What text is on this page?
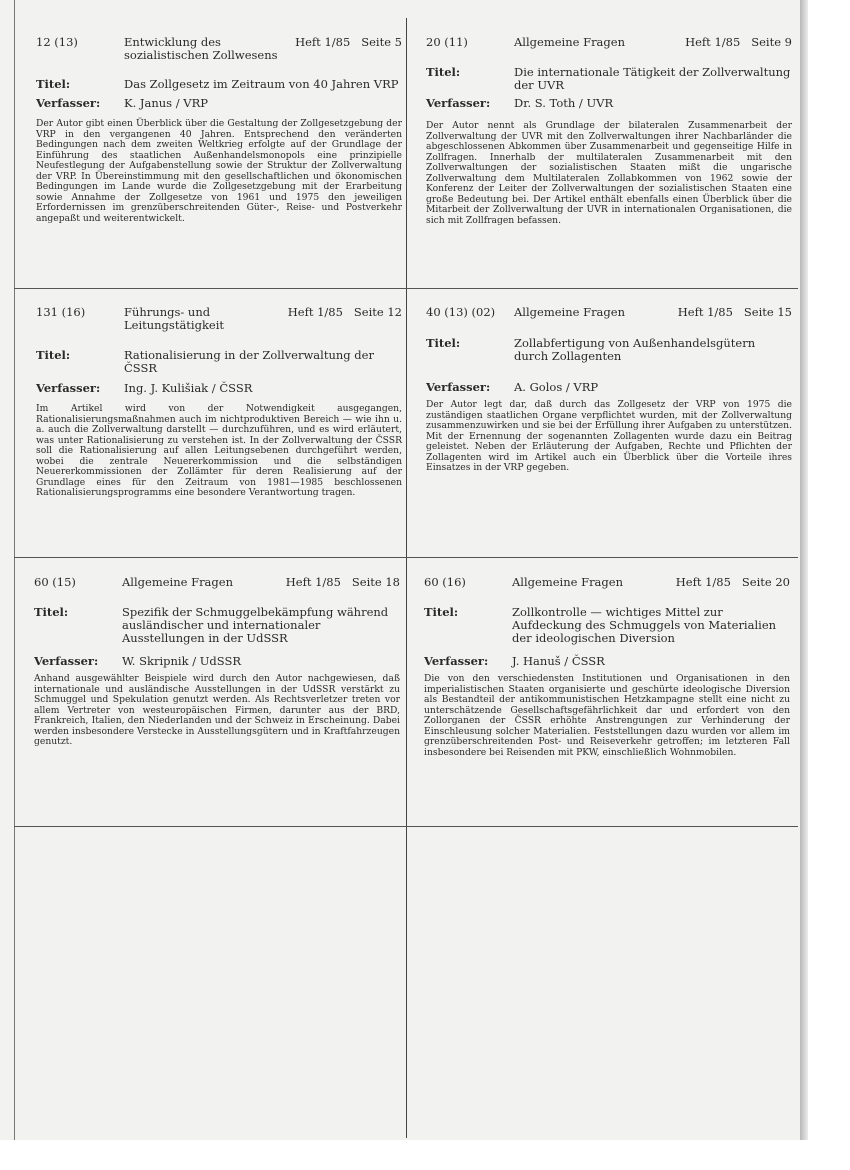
12 (13)	Entwicklung des sozialistischen Zollwesens
Heft 1/85   Seite 5
Titel:	Das Zollgesetz im Zeitraum von 40 Jahren VRP
Verfasser: K. Janus / VRP

Der Autor gibt einen Überblick über die Gestaltung der Zollgesetzgebung der VRP in den vergangenen 40 Jahren. Entsprechend den veränderten Bedingungen nach dem zweiten Weltkrieg erfolgte auf der Grundlage der Einführung des staatlichen Außenhandelsmonopols eine prinzipielle Neufestlegung der Aufgabenstellung sowie der Struktur der Zollverwaltung der VRP. In Übereinstimmung mit den gesellschaftlichen und ökonomischen Bedingungen im Lande wurde die Zollgesetzgebung mit der Erarbeitung sowie Annahme der Zollgesetze von 1961 und 1975 den jeweiligen Erfordernissen im grenzüberschreitenden Güter-, Reise- und Postverkehr angepaßt und weiterentwickelt.

20 (11)	Allgemeine Fragen	Heft 1/85   Seite 9
Titel:	Die internationale Tätigkeit der Zollverwaltung der UVR
Verfasser: Dr. S. Toth / UVR

Der Autor nennt als Grundlage der bilateralen Zusammenarbeit der Zollverwaltung der UVR mit den Zollverwaltungen ihrer Nachbarländer die abgeschlossenen Abkommen über Zusammenarbeit und gegenseitige Hilfe in Zollfragen. Innerhalb der multilateralen Zusammenarbeit mit den Zollverwaltungen der sozialistischen Staaten mißt die ungarische Zollverwaltung dem Multilateralen Zollabkommen von 1962 sowie der Konferenz der Leiter der Zollverwaltungen der sozialistischen Staaten eine große Bedeutung bei. Der Artikel enthält ebenfalls einen Überblick über die Mitarbeit der Zollverwaltung der UVR in internationalen Organisationen, die sich mit Zollfragen befassen.

131 (16)	Führungs- und Leitungstätigkeit
Heft 1/85   Seite 12
Titel:	Rationalisierung in der Zollverwaltung der ČSSR
Verfasser: Ing. J. Kulišiak / ČSSR

Im Artikel wird von der Notwendigkeit ausgegangen, Rationalisierungsmaßnahmen auch im nichtproduktiven Bereich — wie ihn u. a. auch die Zollverwaltung darstellt — durchzuführen, und es wird erläutert, was unter Rationalisierung zu verstehen ist. In der Zollverwaltung der ČSSR soll die Rationalisierung auf allen Leitungsebenen durchgeführt werden, wobei die zentrale Neuererkommission und die selbständigen Neuererkommissionen der Zollämter für deren Realisierung auf der Grundlage eines für den Zeitraum von 1981—1985 beschlossenen Rationalisierungsprogramms eine besondere Verantwortung tragen.

40 (13) (02) Allgemeine Fragen	Heft 1/85   Seite 15
Titel:	Zollabfertigung von Außenhandelsgütern durch Zollagenten
Verfasser: A. Golos / VRP

Der Autor legt dar, daß durch das Zollgesetz der VRP von 1975 die zuständigen staatlichen Organe verpflichtet wurden, mit der Zollverwaltung zusammenzuwirken und sie bei der Erfüllung ihrer Aufgaben zu unterstützen. Mit der Ernennung der sogenannten Zollagenten wurde dazu ein Beitrag geleistet. Neben der Erläuterung der Aufgaben, Rechte und Pflichten der Zollagenten wird im Artikel auch ein Überblick über die Vorteile ihres Einsatzes in der VRP gegeben.

60 (15)	Allgemeine Fragen	Heft 1/85   Seite 18
Titel:	Spezifik der Schmuggelbekämpfung während ausländischer und internationaler Ausstellungen in der UdSSR
Verfasser: W. Skripnik / UdSSR

Anhand ausgewählter Beispiele wird durch den Autor nachgewiesen, daß internationale und ausländische Ausstellungen in der UdSSR verstärkt zu Schmuggel und Spekulation genutzt werden. Als Rechtsverletzer treten vor allem Vertreter von westeuropäischen Firmen, darunter aus der BRD, Frankreich, Italien, den Niederlanden und der Schweiz in Erscheinung. Dabei werden insbesondere Verstecke in Ausstellungsgütern und in Kraftfahrzeugen genutzt.

60 (16)	Allgemeine Fragen	Heft 1/85   Seite 20
Titel:	Zollkontrolle — wichtiges Mittel zur Aufdeckung des Schmuggels von Materialien der ideologischen Diversion
Verfasser: J. Hanuš / ČSSR

Die von den verschiedensten Institutionen und Organisationen in den imperialistischen Staaten organisierte und geschürte ideologische Diversion als Bestandteil der antikommunistischen Hetzkampagne stellt eine nicht zu unterschätzende Gesellschaftsgefährlichkeit dar und erfordert von den Zollorganen der ČSSR erhöhte Anstrengungen zur Verhinderung der Einschleusung solcher Materialien. Feststellungen dazu wurden vor allem im grenzüberschreitenden Post- und Reiseverkehr getroffen; im letzteren Fall insbesondere bei Reisenden mit PKW, einschließlich Wohnmobilen.
